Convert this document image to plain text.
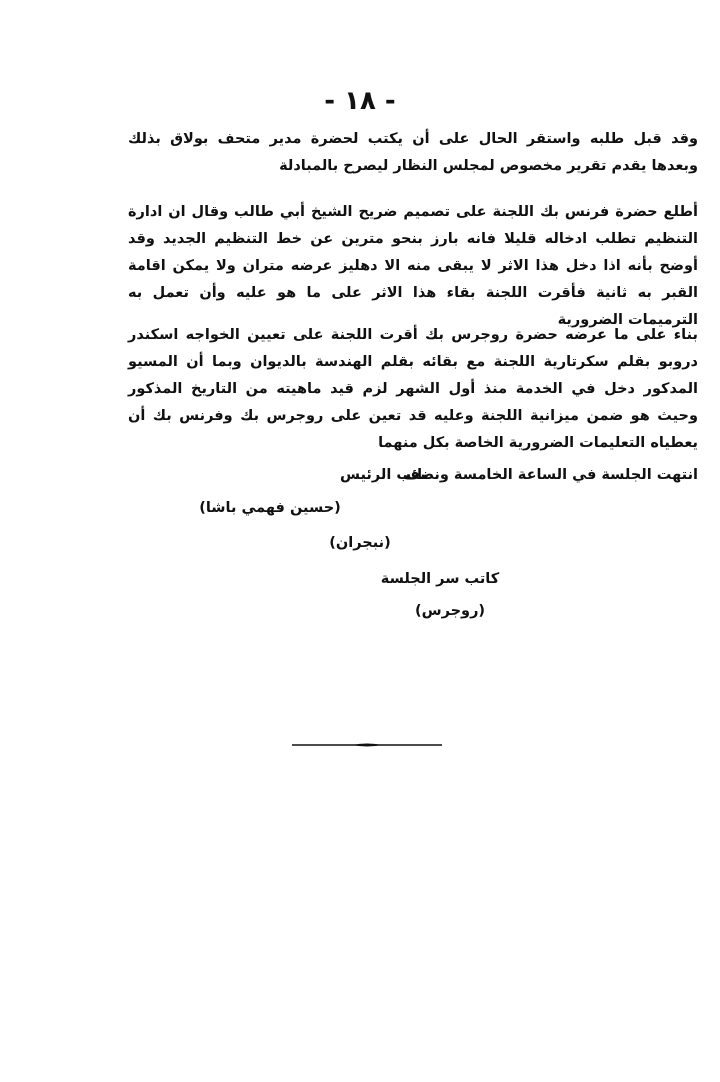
- ١٨ -
وقد قبل طلبه واستقر الحال على أن يكتب لحضرة مدير متحف بولاق بذلك وبعدها يقدم تقرير مخصوص لمجلس النظار ليصرح بالمبادلة
أطلع حضرة فرنس بك اللجنة على تصميم ضريح الشيخ أبي طالب وقال ان ادارة التنظيم تطلب ادخاله قليلا فانه بارز بنحو مترين عن خط التنظيم الجديد وقد أوضح بأنه اذا دخل هذا الاثر لا يبقى منه الا دهليز عرضه متران ولا يمكن اقامة القبر به ثانية فأقرت اللجنة بقاء هذا الاثر على ما هو عليه وأن تعمل به الترميمات الضرورية
بناء على ما عرضه حضرة روجرس بك أقرت اللجنة على تعيين الخواجه اسكندر دروبو بقلم سكرتارية اللجنة مع بقائه بقلم الهندسة بالديوان وبما أن المسيو المدكور دخل في الخدمة منذ أول الشهر لزم قيد ماهيته من التاريخ المذكور وحيث هو ضمن ميزانية اللجنة وعليه قد تعين على روجرس بك وفرنس بك أن يعطياه التعليمات الضرورية الخاصة بكل منهما
انتهت الجلسة في الساعة الخامسة ونصف
نائب الرئيس
(حسين فهمي باشا)
(نبجران)
كاتب سر الجلسة
(روجرس)
